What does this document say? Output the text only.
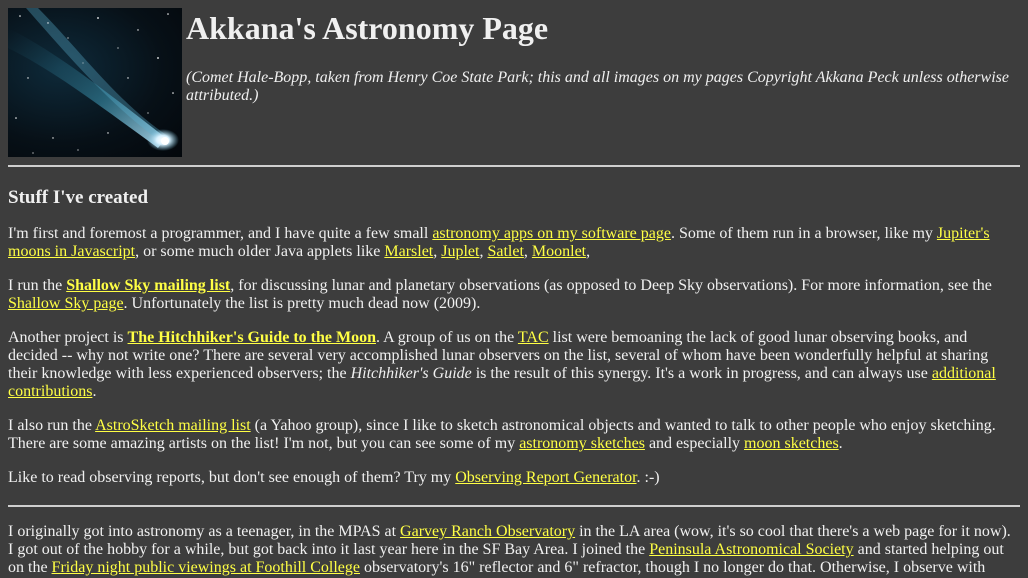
Akkana's Astronomy Page
(Comet Hale-Bopp, taken from Henry Coe State Park; this and all images on my pages Copyright Akkana Peck unless otherwise attributed.)
Stuff I've created

I'm first and foremost a programmer, and I have quite a few small astronomy apps on my software page. Some of them run in a browser, like my Jupiter's moons in Javascript, or some much older Java applets like Marslet, Juplet, Satlet, Moonlet,

I run the Shallow Sky mailing list, for discussing lunar and planetary observations (as opposed to Deep Sky observations). For more information, see the Shallow Sky page. Unfortunately the list is pretty much dead now (2009).

Another project is The Hitchhiker's Guide to the Moon. A group of us on the TAC list were bemoaning the lack of good lunar observing books, and decided -- why not write one? There are several very accomplished lunar observers on the list, several of whom have been wonderfully helpful at sharing their knowledge with less experienced observers; the Hitchhiker's Guide is the result of this synergy. It's a work in progress, and can always use additional contributions.

I also run the AstroSketch mailing list (a Yahoo group), since I like to sketch astronomical objects and wanted to talk to other people who enjoy sketching. There are some amazing artists on the list! I'm not, but you can see some of my astronomy sketches and especially moon sketches.

Like to read observing reports, but don't see enough of them? Try my Observing Report Generator. :-)

I originally got into astronomy as a teenager, in the MPAS at Garvey Ranch Observatory in the LA area (wow, it's so cool that there's a web page for it now). I got out of the hobby for a while, but got back into it last year here in the SF Bay Area. I joined the Peninsula Astronomical Society and started helping out on the Friday night public viewings at Foothill College observatory's 16" reflector and 6" refractor, though I no longer do that. Otherwise, I observe with
